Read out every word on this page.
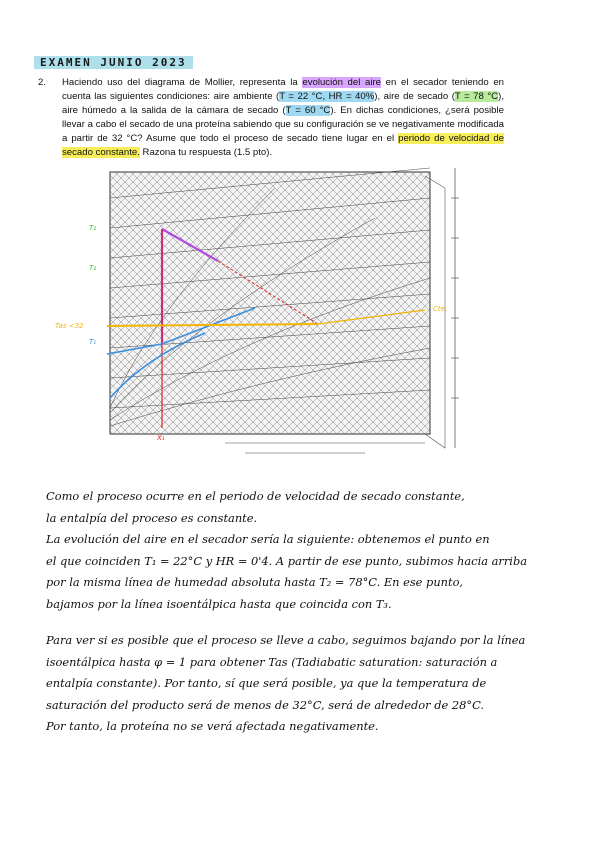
EXAMEN JUNIO 2023
2. Haciendo uso del diagrama de Mollier, representa la evolución del aire en el secador teniendo en cuenta las siguientes condiciones: aire ambiente (T = 22 °C, HR = 40%), aire de secado (T = 78 °C), aire húmedo a la salida de la cámara de secado (T = 60 °C). En dichas condiciones, ¿será posible llevar a cabo el secado de una proteína sabiendo que su configuración se ve negativamente modificada a partir de 32 °C? Asume que todo el proceso de secado tiene lugar en el periodo de velocidad de secado constante. Razona tu respuesta (1.5 pto).
T₂
T₃
Tas <32
T₁
X₁
Cte.

Como el proceso ocurre en el periodo de velocidad de secado constante,

la entalpía del proceso es constante.

La evolución del aire en el secador sería la siguiente: obtenemos el punto en

el que coinciden T₁ = 22°C y HR = 0'4. A partir de ese punto, subimos hacia arriba

por la misma línea de humedad absoluta hasta T₂ = 78°C. En ese punto,

bajamos por la línea isoentálpica hasta que coincida con T₃.

Para ver si es posible que el proceso se lleve a cabo, seguimos bajando por la línea

isoentálpica hasta φ = 1 para obtener Tas (Tadiabatic saturation: saturación a

entalpía constante). Por tanto, sí que será posible, ya que la temperatura de

saturación del producto será de menos de 32°C, será de alrededor de 28°C.

Por tanto, la proteína no se verá afectada negativamente.
